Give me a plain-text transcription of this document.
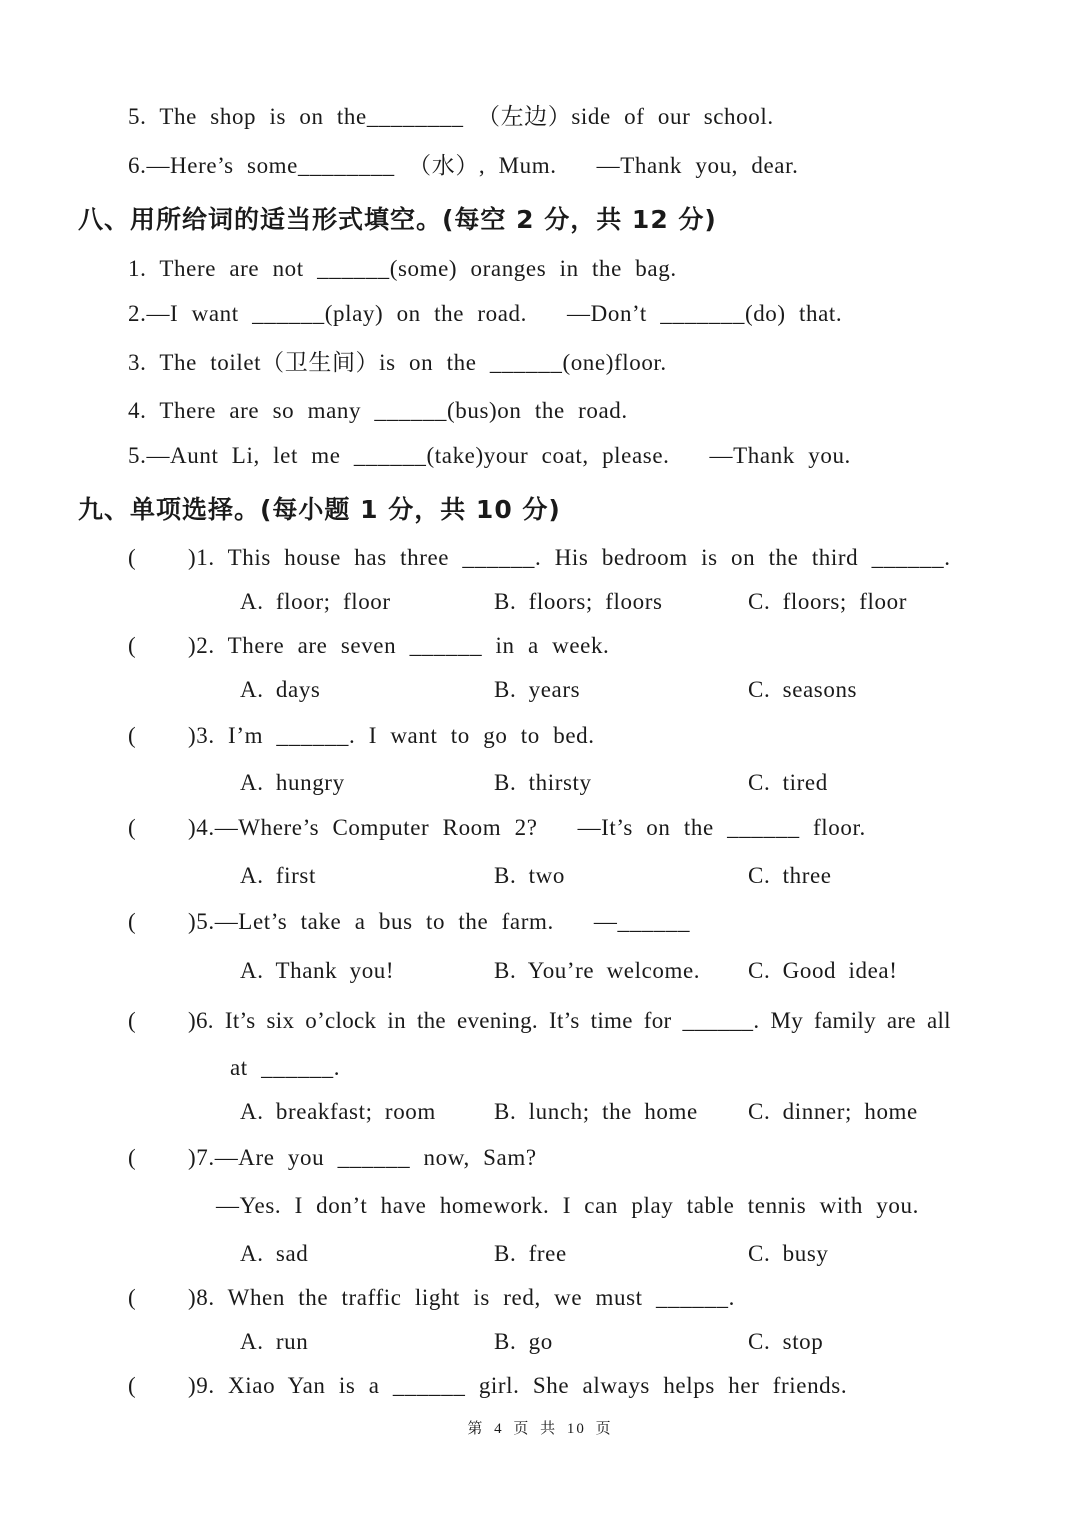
5. The shop is on the________ （左边）side of our school.
6.—Here’s some________ （水）, Mum.   —Thank you, dear.
八、用所给词的适当形式填空。(每空 2 分，共 12 分)
1. There are not ______(some) oranges in the bag.
2.—I want ______(play) on the road.   —Don’t _______(do) that.
3. The toilet（卫生间）is on the ______(one)floor.
4. There are so many ______(bus)on the road.
5.—Aunt Li, let me ______(take)your coat, please.   —Thank you.
九、单项选择。(每小题 1 分，共 10 分)
( )1. This house has three ______. His bedroom is on the third ______.
A. floor; floor	B. floors; floors	C. floors; floor
( )2. There are seven ______ in a week.
A. days	B. years	C. seasons
( )3. I’m ______. I want to go to bed.
A. hungry	B. thirsty	C. tired
( )4.—Where’s Computer Room 2?   —It’s on the ______ floor.
A. first	B. two	C. three
( )5.—Let’s take a bus to the farm.   —______
A. Thank you!	B. You’re welcome. C. Good idea!
( )6. It’s six o’clock in the evening. It’s time for ______. My family are all
at ______.
A. breakfast; room	B. lunch; the home C. dinner; home
( )7.—Are you ______ now, Sam?
—Yes. I don’t have homework. I can play table tennis with you.
A. sad	B. free	C. busy
( )8. When the traffic light is red, we must ______.
A. run	B. go	C. stop
( )9. Xiao Yan is a ______ girl. She always helps her friends.
第 4 页 共 10 页
